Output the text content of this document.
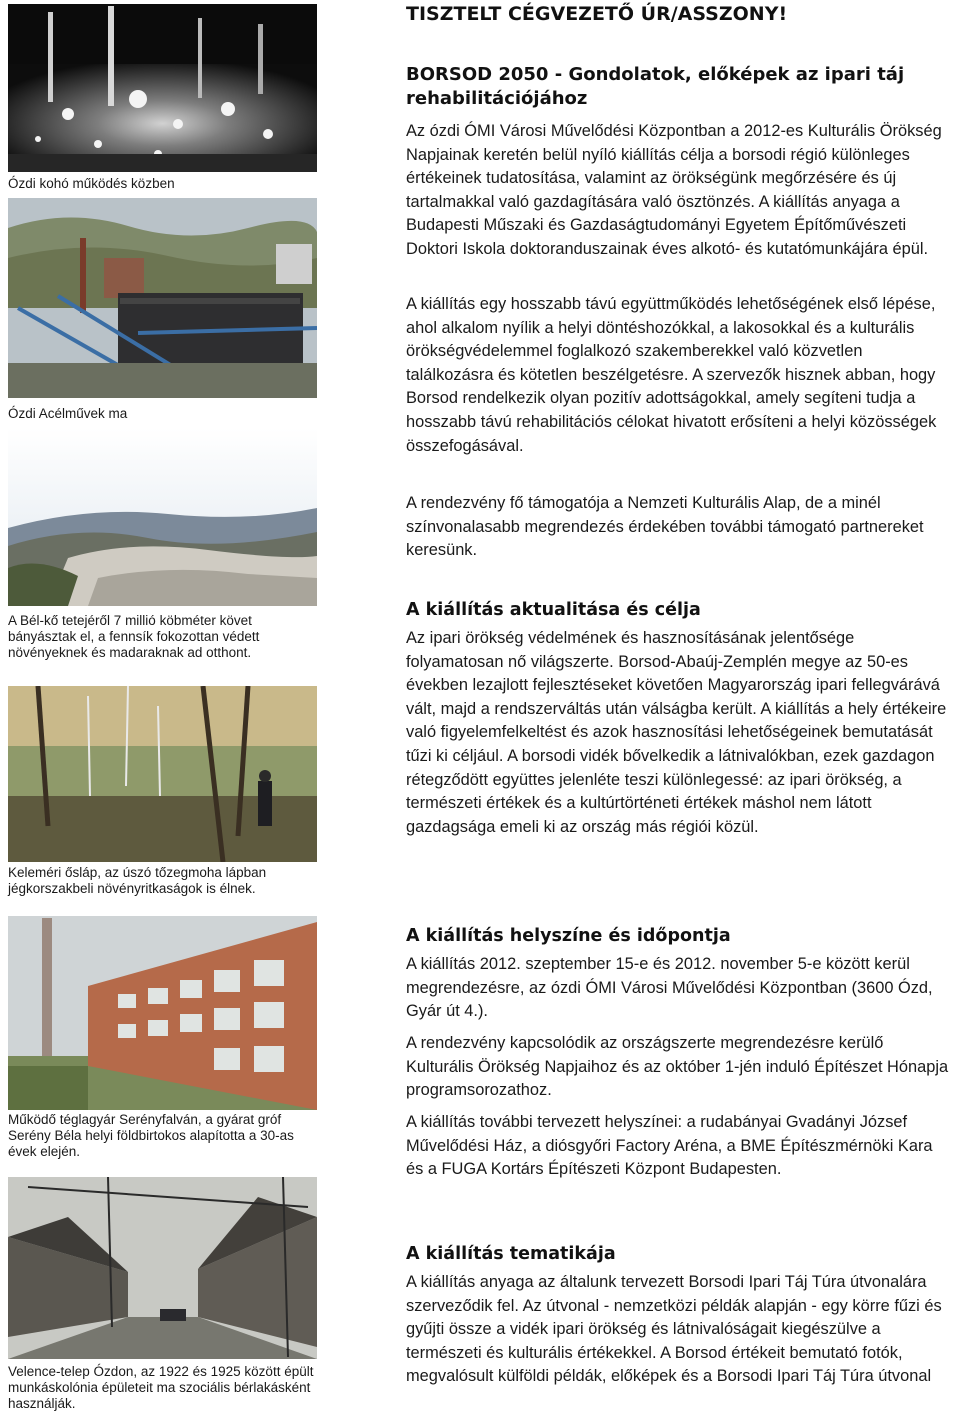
Ózdi kohó működés közben
Ózdi Acélművek ma
A Bél-kő tetejéről 7 millió köbméter követ bányásztak el, a fennsík fokozottan védett növényeknek és madaraknak ad otthont.
Keleméri ősláp, az úszó tőzegmoha lápban jégkorszakbeli növényritkaságok is élnek.
Működő téglagyár Serényfalván, a gyárat gróf Serény Béla helyi földbirtokos alapította a 30-as évek elején.
Velence-telep Ózdon, az 1922 és 1925 között épült munkáskolónia épületeit ma szociális bérlakásként használják.
TISZTELT CÉGVEZETŐ ÚR/ASSZONY!
BORSOD 2050 - Gondolatok, előképek az ipari táj rehabilitációjához

Az ózdi ÓMI Városi Művelődési Központban a 2012-es Kulturális Örökség Napjainak keretén belül nyíló kiállítás célja a borsodi régió különleges értékeinek tudatosítása, valamint az örökségünk megőrzésére és új tartalmakkal való gazdagítására való ösztönzés. A kiállítás anyaga a Budapesti Műszaki és Gazdaságtudományi Egyetem Építőművészeti Doktori Iskola doktoranduszainak éves alkotó- és kutatómunkájára épül.

A kiállítás egy hosszabb távú együttműködés lehetőségének első lépése, ahol alkalom nyílik a helyi döntéshozókkal, a lakosokkal és a kulturális örökségvédelemmel foglalkozó szakemberekkel való közvetlen találkozásra és kötetlen beszélgetésre. A szervezők hisznek abban, hogy Borsod rendelkezik olyan pozitív adottságokkal, amely segíteni tudja a hosszabb távú rehabilitációs célokat hivatott erősíteni a helyi közösségek összefogásával.

A rendezvény fő támogatója a Nemzeti Kulturális Alap, de a minél színvonalasabb megrendezés érdekében további támogató partnereket keresünk.

A kiállítás aktualitása és célja

Az ipari örökség védelmének és hasznosításának jelentősége folyamatosan nő világszerte. Borsod-Abaúj-Zemplén megye az 50-es években lezajlott fejlesztéseket követően Magyarország ipari fellegvárává vált, majd a rendszerváltás után válságba került. A kiállítás a hely értékeire való figyelemfelkeltést és azok hasznosítási lehetőségeinek bemutatását tűzi ki céljául. A borsodi vidék bővelkedik a látnivalókban, ezek gazdagon rétegződött együttes jelenléte teszi különlegessé: az ipari örökség, a természeti értékek és a kultúrtörténeti értékek máshol nem látott gazdagsága emeli ki az ország más régiói közül.

A kiállítás helyszíne és időpontja

A kiállítás 2012. szeptember 15-e és 2012. november 5-e között kerül megrendezésre, az ózdi ÓMI Városi Művelődési Központban (3600 Ózd, Gyár út 4.).

A rendezvény kapcsolódik az országszerte megrendezésre kerülő Kulturális Örökség Napjaihoz és az október 1-jén induló Építészet Hónapja programsorozathoz.

A kiállítás további tervezett helyszínei: a rudabányai Gvadányi József Művelődési Ház, a diósgyőri Factory Aréna, a BME Építészmérnöki Kara és a FUGA Kortárs Építészeti Központ Budapesten.

A kiállítás tematikája

A kiállítás anyaga az általunk tervezett Borsodi Ipari Táj Túra útvonalára szerveződik fel. Az útvonal - nemzetközi példák alapján - egy körre fűzi és gyűjti össze a vidék ipari örökség és látnivalóságait kiegészülve a természeti és kulturális értékekkel. A Borsod értékeit bemutató fotók, megvalósult külföldi példák, előképek és a Borsodi Ipari Táj Túra útvonal
